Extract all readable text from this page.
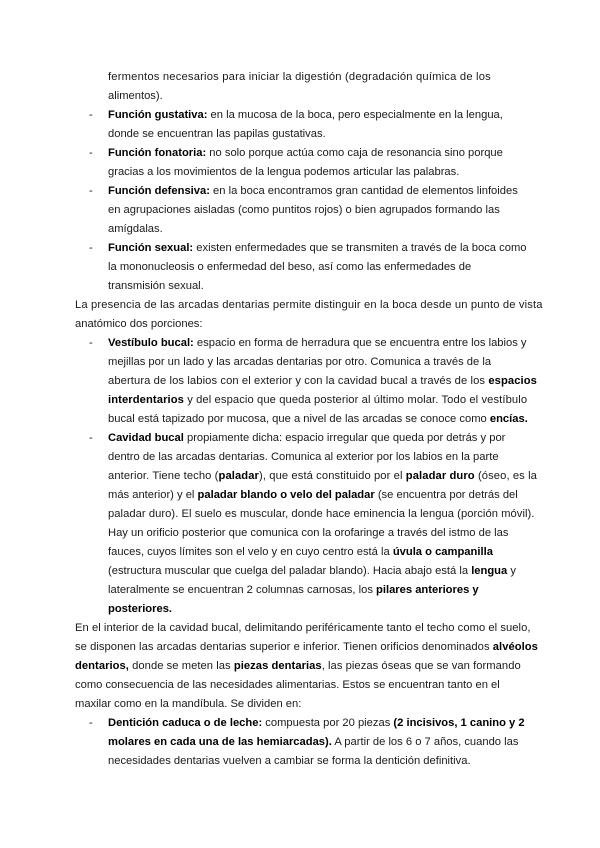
fermentos necesarios para iniciar la digestión (degradación química de los
alimentos).
Función gustativa: en la mucosa de la boca, pero especialmente en la lengua,
donde se encuentran las papilas gustativas.
Función fonatoria: no solo porque actúa como caja de resonancia sino porque
gracias a los movimientos de la lengua podemos articular las palabras.
Función defensiva: en la boca encontramos gran cantidad de elementos linfoides
en agrupaciones aisladas (como puntitos rojos) o bien agrupados formando las
amígdalas.
Función sexual: existen enfermedades que se transmiten a través de la boca como
la mononucleosis o enfermedad del beso, así como las enfermedades de
transmisión sexual.
La presencia de las arcadas dentarias permite distinguir en la boca desde un punto de vista
anatómico dos porciones:
Vestíbulo bucal: espacio en forma de herradura que se encuentra entre los labios y
mejillas por un lado y las arcadas dentarias por otro. Comunica a través de la
abertura de los labios con el exterior y con la cavidad bucal a través de los espacios
interdentarios y del espacio que queda posterior al último molar. Todo el vestíbulo
bucal está tapizado por mucosa, que a nivel de las arcadas se conoce como encías.
Cavidad bucal propiamente dicha: espacio irregular que queda por detrás y por
dentro de las arcadas dentarias. Comunica al exterior por los labios en la parte
anterior. Tiene techo (paladar), que está constituido por el paladar duro (óseo, es la
más anterior) y el paladar blando o velo del paladar (se encuentra por detrás del
paladar duro). El suelo es muscular, donde hace eminencia la lengua (porción móvil).
Hay un orificio posterior que comunica con la orofaringe a través del istmo de las
fauces, cuyos límites son el velo y en cuyo centro está la úvula o campanilla
(estructura muscular que cuelga del paladar blando). Hacia abajo está la lengua y
lateralmente se encuentran 2 columnas carnosas, los pilares anteriores y
posteriores.
En el interior de la cavidad bucal, delimitando periféricamente tanto el techo como el suelo,
se disponen las arcadas dentarias superior e inferior. Tienen orificios denominados alvéolos
dentarios, donde se meten las piezas dentarias, las piezas óseas que se van formando
como consecuencia de las necesidades alimentarias. Estos se encuentran tanto en el
maxilar como en la mandíbula. Se dividen en:
Dentición caduca o de leche: compuesta por 20 piezas (2 incisivos, 1 canino y 2
molares en cada una de las hemiarcadas). A partir de los 6 o 7 años, cuando las
necesidades dentarias vuelven a cambiar se forma la dentición definitiva.
-
-
-
-
-
-
-
